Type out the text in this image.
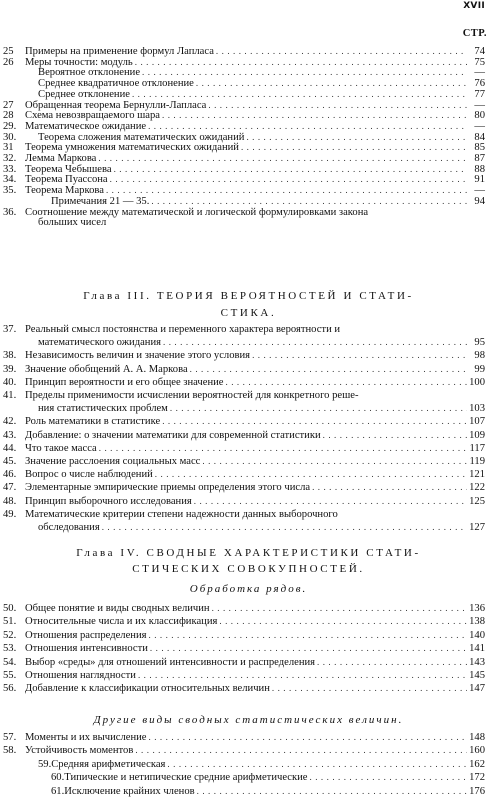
XVII
СТР.
25	Примеры на применение формул Лапласа . . .	74
26	Меры точности: модуль . . .	75
Вероятное отклонение . . .	—
Среднее квадратичное отклонение . . .	76
Среднее отклонение . . .	77
27	Обращенная теорема Бернулли-Лапласа . . .	—
28	Схема невозвращаемого шара . . .	80
29. Математическое ожидание . . .	—
30.	Теорема сложения математических ожиданий . . .	84
31	Теорема умножения математических ожиданий . . .	85
32. Лемма Маркова . . .	87
33. Теорема Чебышева . . .	88
34. Теорема Пуассона . . .	91
35. Теорема Маркова . . .	—
Примечания 21 — 35. . . .	94
36. Соотношение между математической и логической формулировками закона
больших чисел
Глава III. ТЕОРИЯ ВЕРОЯТНОСТЕЙ И СТАТИ-
СТИКА.
37. Реальный смысл постоянства и переменного характера вероятности и
математического ожидания . . .	95
38. Независимость величин и значение этого условия . . .	98
39. Значение обобщений А. А. Маркова . . .	99
40. Принцип вероятности и его общее значение . . .	100
41. Пределы применимости исчислении вероятностей для конкретного реше-
ния статистических проблем . . .	103
42. Роль математики в статистике . . .	107
43. Добавление: о значении математики для современной статистики . . .	109
44. Что такое масса . . .	117
45. Значение расслоения социальных масс . . .	119
46. Вопрос о числе наблюдений . . .	121
47. Элементарные эмпирические приемы определения этого числа . . .	122
48. Принцип выборочного исследования . . .	125
49. Математические критерии степени надежности данных выборочного
обследования . . .	127
Глава IV. СВОДНЫЕ ХАРАКТЕРИСТИКИ СТАТИ-
СТИЧЕСКИХ СОВОКУПНОСТЕЙ.
Обработка рядов.
50. Общее понятие и виды сводных величин . . .	136
51. Относительные числа и их классификация . . .	138
52. Отношения распределения . . .	140
53. Отношения интенсивности . . .	141
54. Выбор «среды» для отношений интенсивности и распределения . . .	143
55. Отношения наглядности . . .	145
56. Добавление к классификации относительных величин . . .	147
Другие виды сводных статистических величин.
57. Моменты и их вычисление . . .	148
58. Устойчивость моментов . . .	160
59.Средняя арифметическая . . .	162
60.Типические и нетипические средние арифметические . . .	172
61.Исключение крайних членов . . .	176
